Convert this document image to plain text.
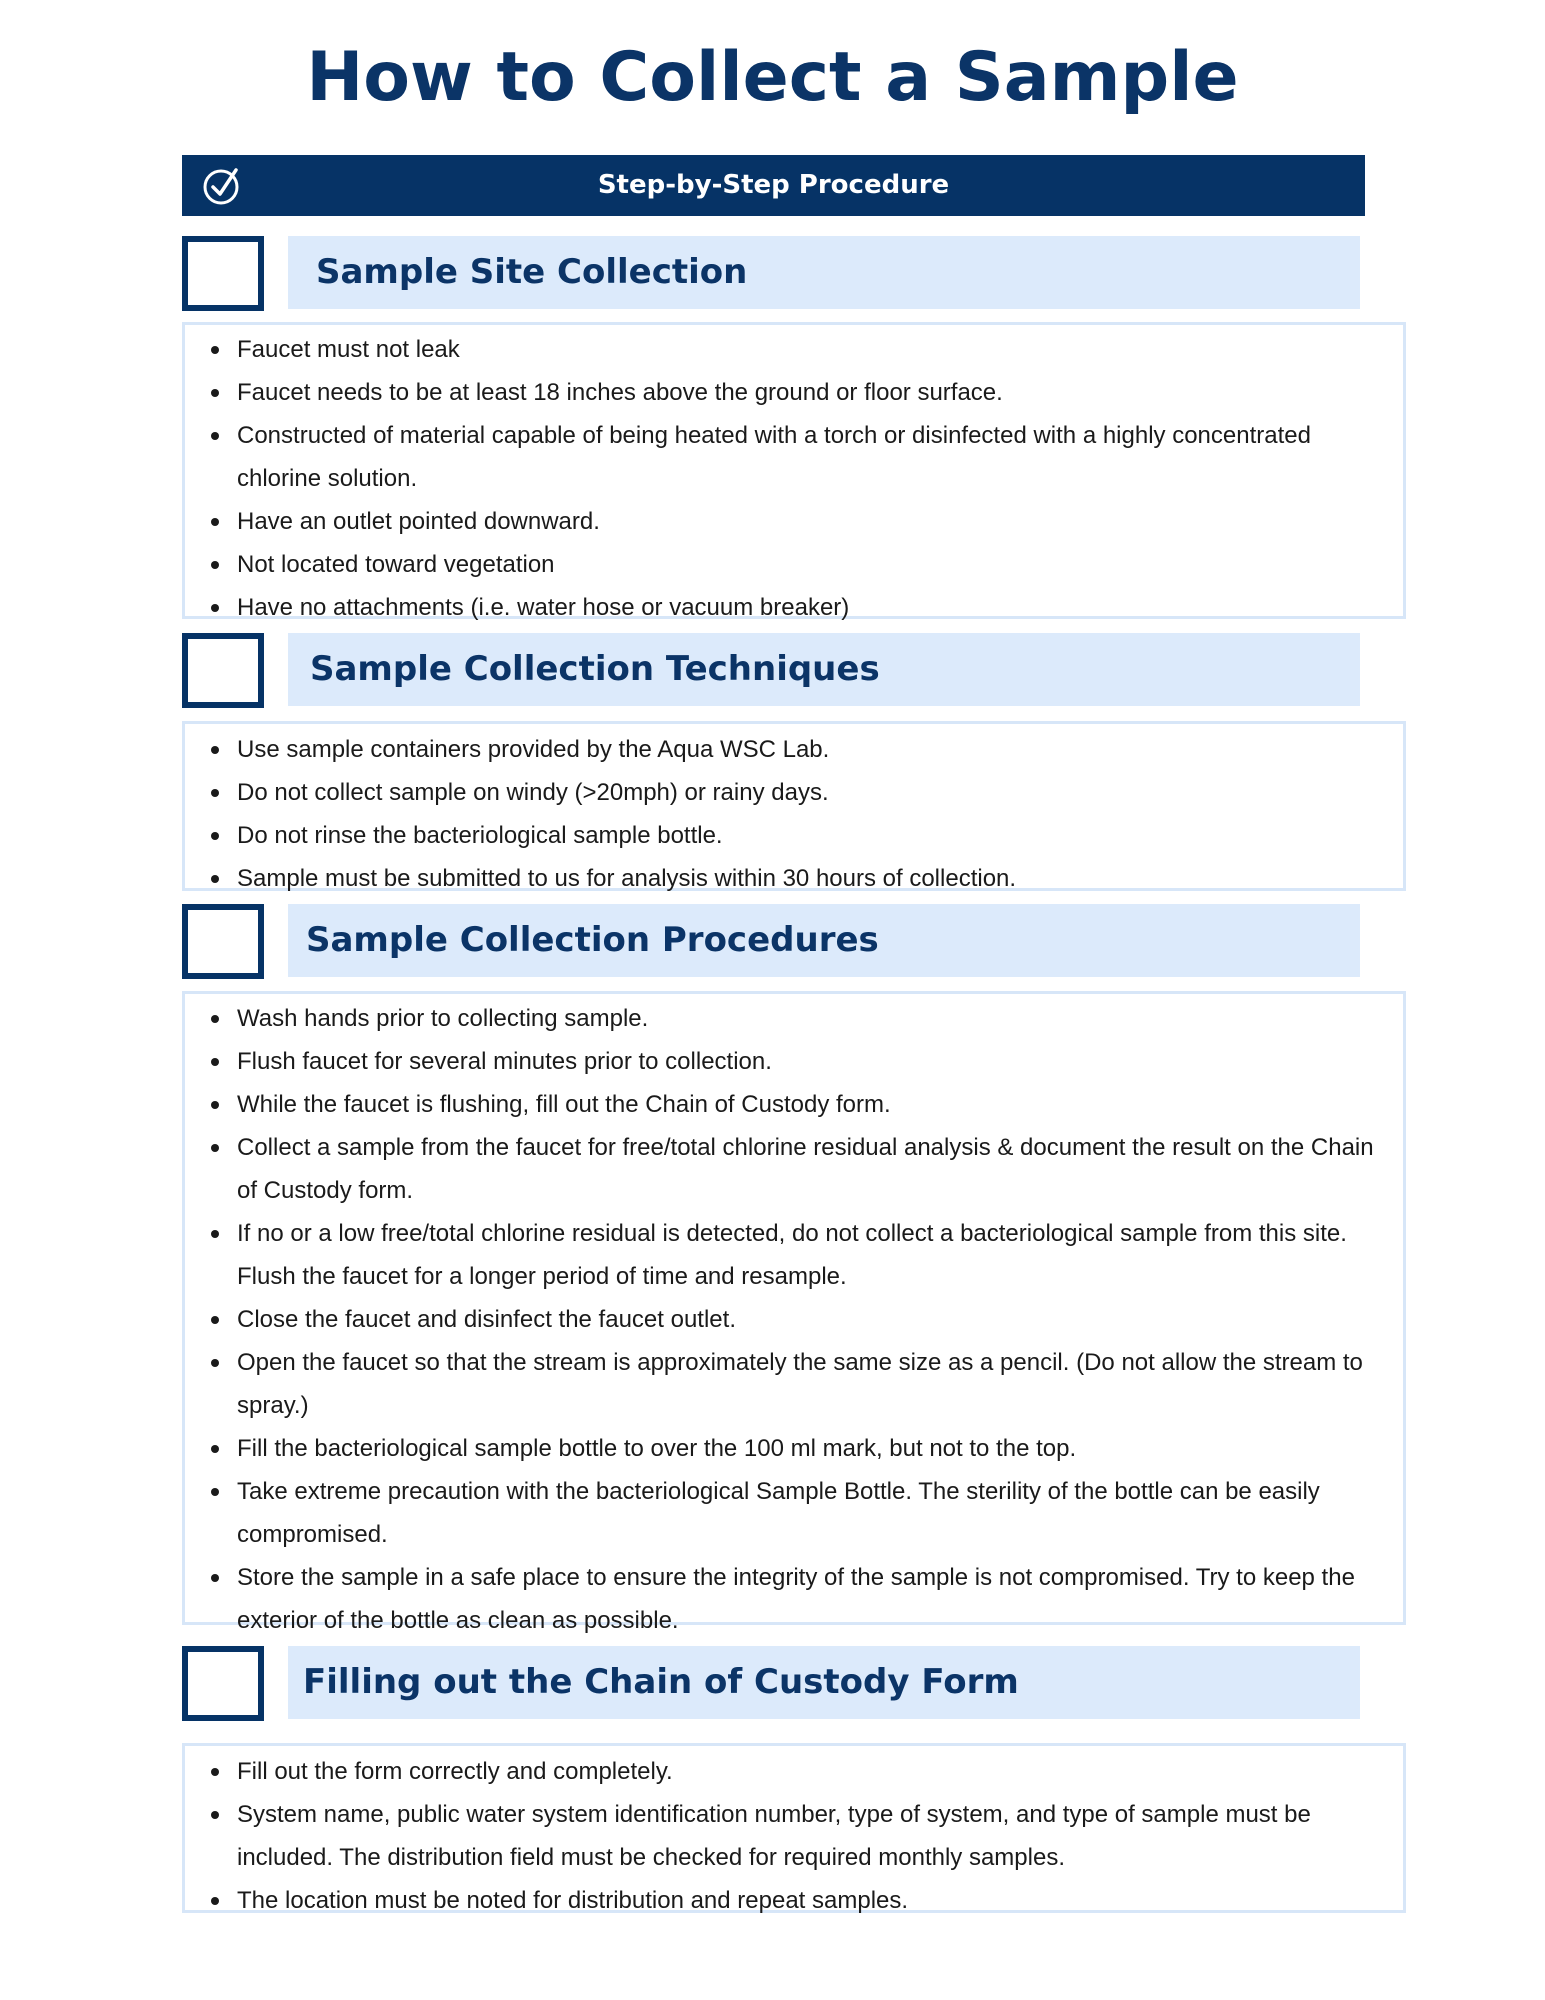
How to Collect a Sample
Step-by-Step Procedure
Sample Site Collection
Faucet must not leak
Faucet needs to be at least 18 inches above the ground or floor surface.
Constructed of material capable of being heated with a torch or disinfected with a highly concentrated chlorine solution.
Have an outlet pointed downward.
Not located toward vegetation
Have no attachments (i.e. water hose or vacuum breaker)
Sample Collection Techniques
Use sample containers provided by the Aqua WSC Lab.
Do not collect sample on windy (>20mph) or rainy days.
Do not rinse the bacteriological sample bottle.
Sample must be submitted to us for analysis within 30 hours of collection.
Sample Collection Procedures
Wash hands prior to collecting sample.
Flush faucet for several minutes prior to collection.
While the faucet is flushing, fill out the Chain of Custody form.
Collect a sample from the faucet for free/total chlorine residual analysis & document the result on the Chain of Custody form.
If no or a low free/total chlorine residual is detected, do not collect a bacteriological sample from this site. Flush the faucet for a longer period of time and resample.
Close the faucet and disinfect the faucet outlet.
Open the faucet so that the stream is approximately the same size as a pencil. (Do not allow the stream to spray.)
Fill the bacteriological sample bottle to over the 100 ml mark, but not to the top.
Take extreme precaution with the bacteriological Sample Bottle. The sterility of the bottle can be easily compromised.
Store the sample in a safe place to ensure the integrity of the sample is not compromised. Try to keep the exterior of the bottle as clean as possible.
Filling out the Chain of Custody Form
Fill out the form correctly and completely.
System name, public water system identification number, type of system, and type of sample must be included. The distribution field must be checked for required monthly samples.
The location must be noted for distribution and repeat samples.
